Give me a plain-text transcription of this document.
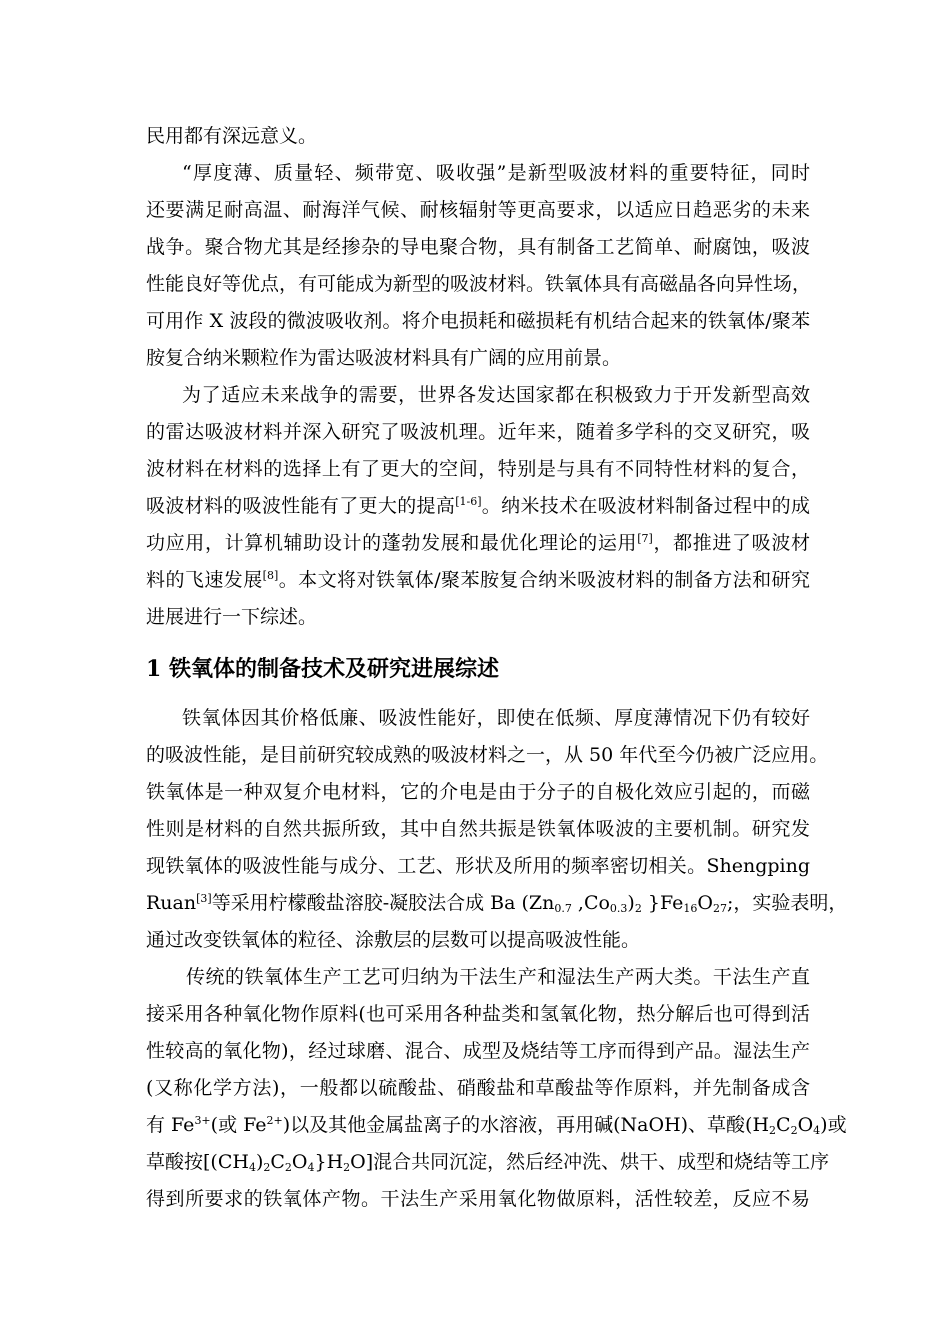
民用都有深远意义。
“厚度薄、质量轻、频带宽、吸收强”是新型吸波材料的重要特征，同时
还要满足耐高温、耐海洋气候、耐核辐射等更高要求，以适应日趋恶劣的未来
战争。聚合物尤其是经掺杂的导电聚合物，具有制备工艺简单、耐腐蚀，吸波
性能良好等优点，有可能成为新型的吸波材料。铁氧体具有高磁晶各向异性场，
可用作 X 波段的微波吸收剂。将介电损耗和磁损耗有机结合起来的铁氧体/聚苯
胺复合纳米颗粒作为雷达吸波材料具有广阔的应用前景。
为了适应未来战争的需要，世界各发达国家都在积极致力于开发新型高效
的雷达吸波材料并深入研究了吸波机理。近年来，随着多学科的交叉研究，吸
波材料在材料的选择上有了更大的空间，特别是与具有不同特性材料的复合，
吸波材料的吸波性能有了更大的提高[1-6]。纳米技术在吸波材料制备过程中的成
功应用，计算机辅助设计的蓬勃发展和最优化理论的运用[7]，都推进了吸波材
料的飞速发展[8]。本文将对铁氧体/聚苯胺复合纳米吸波材料的制备方法和研究
进展进行一下综述。
1 铁氧体的制备技术及研究进展综述
铁氧体因其价格低廉、吸波性能好，即使在低频、厚度薄情况下仍有较好
的吸波性能，是目前研究较成熟的吸波材料之一，从 50 年代至今仍被广泛应用。
铁氧体是一种双复介电材料，它的介电是由于分子的自极化效应引起的，而磁
性则是材料的自然共振所致，其中自然共振是铁氧体吸波的主要机制。研究发
现铁氧体的吸波性能与成分、工艺、形状及所用的频率密切相关。Shengping
Ruan[3]等采用柠檬酸盐溶胶-凝胶法合成 Ba ($Zn_{0.7}$ $,Co_{0.3})_2$ }$Fe_{16}O_{27}$;，实验表明，
通过改变铁氧体的粒径、涂敷层的层数可以提高吸波性能。
传统的铁氧体生产工艺可归纳为干法生产和湿法生产两大类。干法生产直
接采用各种氧化物作原料(也可采用各种盐类和氢氧化物，热分解后也可得到活
性较高的氧化物)，经过球磨、混合、成型及烧结等工序而得到产品。湿法生产
(又称化学方法)，一般都以硫酸盐、硝酸盐和草酸盐等作原料，并先制备成含
有 $Fe^{3+}$(或 $Fe^{2+}$)以及其他金属盐离子的水溶液，再用碱(NaOH)、草酸$(H_2C_2O_4)$或
草酸按$[(CH_4)_2C_2O_4\}H_2O$]混合共同沉淀，然后经冲洗、烘干、成型和烧结等工序
得到所要求的铁氧体产物。干法生产采用氧化物做原料，活性较差，反应不易
